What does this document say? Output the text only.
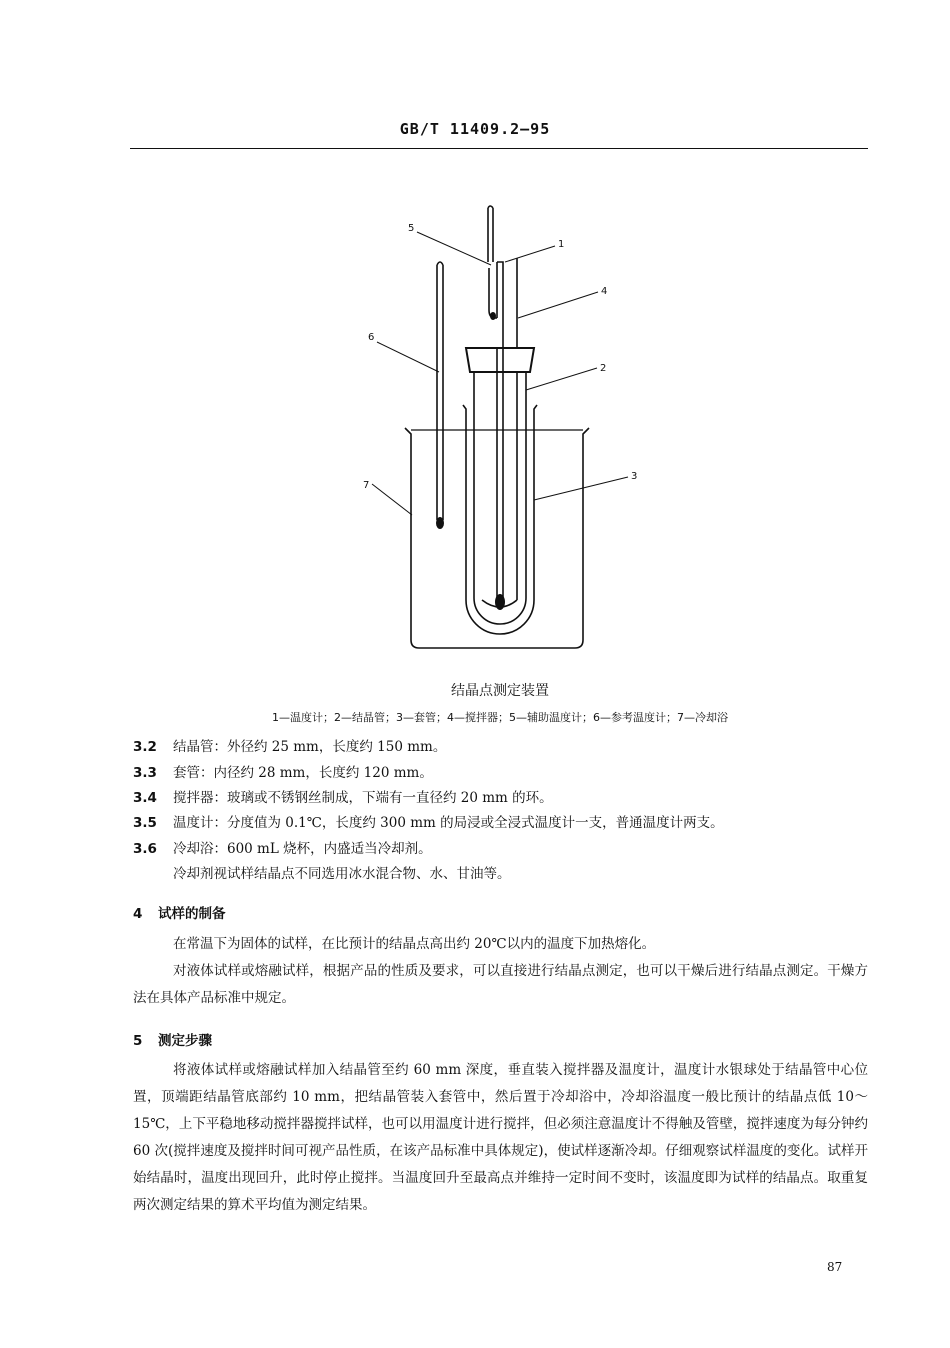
GB/T 11409.2—95
5
1
4
6
2
3
7
结晶点测定装置
1—温度计；2—结晶管；3—套管；4—搅拌器；5—辅助温度计；6—参考温度计；7—冷却浴
3.2 结晶管：外径约 25 mm，长度约 150 mm。
3.3 套管：内径约 28 mm，长度约 120 mm。
3.4 搅拌器：玻璃或不锈钢丝制成，下端有一直径约 20 mm 的环。
3.5 温度计：分度值为 0.1℃，长度约 300 mm 的局浸或全浸式温度计一支，普通温度计两支。
3.6 冷却浴：600 mL 烧杯，内盛适当冷却剂。
冷却剂视试样结晶点不同选用冰水混合物、水、甘油等。
4 试样的制备
在常温下为固体的试样，在比预计的结晶点高出约 20℃以内的温度下加热熔化。
对液体试样或熔融试样，根据产品的性质及要求，可以直接进行结晶点测定，也可以干燥后进行结晶点测定。干燥方法在具体产品标准中规定。
5 测定步骤
将液体试样或熔融试样加入结晶管至约 60 mm 深度，垂直装入搅拌器及温度计，温度计水银球处于结晶管中心位置，顶端距结晶管底部约 10 mm，把结晶管装入套管中，然后置于冷却浴中，冷却浴温度一般比预计的结晶点低 10～15℃，上下平稳地移动搅拌器搅拌试样，也可以用温度计进行搅拌，但必须注意温度计不得触及管壁，搅拌速度为每分钟约 60 次(搅拌速度及搅拌时间可视产品性质，在该产品标准中具体规定)，使试样逐渐冷却。仔细观察试样温度的变化。试样开始结晶时，温度出现回升，此时停止搅拌。当温度回升至最高点并维持一定时间不变时，该温度即为试样的结晶点。取重复两次测定结果的算术平均值为测定结果。
87
